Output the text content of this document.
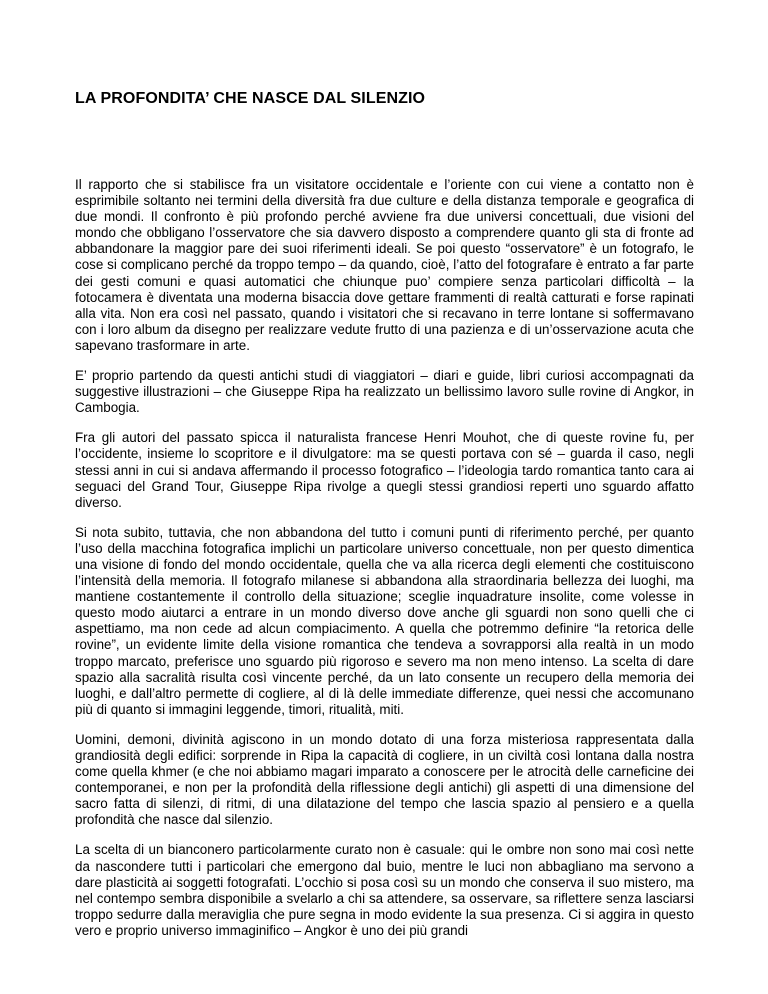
LA PROFONDITA’ CHE NASCE DAL SILENZIO

Il rapporto che si stabilisce fra un visitatore occidentale e l’oriente con cui viene a contatto non è esprimibile soltanto nei termini della diversità fra due culture e della distanza temporale e geografica di due mondi. Il confronto è più profondo perché avviene fra due universi concettuali, due visioni del mondo che obbligano l’osservatore che sia davvero disposto a comprendere quanto gli sta di fronte ad abbandonare la maggior pare dei suoi riferimenti ideali. Se poi questo “osservatore” è un fotografo, le cose si complicano perché da troppo tempo – da quando, cioè, l’atto del fotografare è entrato a far parte dei gesti comuni e quasi automatici che chiunque puo’ compiere senza particolari difficoltà – la fotocamera è diventata una moderna bisaccia dove gettare frammenti di realtà catturati e forse rapinati alla vita. Non era così nel passato, quando i visitatori che si recavano in terre lontane si soffermavano con i loro album da disegno per realizzare vedute frutto di una pazienza e di un’osservazione acuta che sapevano trasformare in arte.

E’ proprio partendo da questi antichi studi di viaggiatori – diari e guide, libri curiosi accompagnati da suggestive illustrazioni – che Giuseppe Ripa ha realizzato un bellissimo lavoro sulle rovine di Angkor, in Cambogia.

Fra gli autori del passato spicca il naturalista francese Henri Mouhot, che di queste rovine fu, per l’occidente, insieme lo scopritore e il divulgatore: ma se questi portava con sé – guarda il caso, negli stessi anni in cui si andava affermando il processo fotografico – l’ideologia tardo romantica tanto cara ai seguaci del Grand Tour, Giuseppe Ripa rivolge a quegli stessi grandiosi reperti uno sguardo affatto diverso.

Si nota subito, tuttavia, che non abbandona del tutto i comuni punti di riferimento perché, per quanto l’uso della macchina fotografica implichi un particolare universo concettuale, non per questo dimentica una visione di fondo del mondo occidentale, quella che va alla ricerca degli elementi che costituiscono l’intensità della memoria. Il fotografo milanese si abbandona alla straordinaria bellezza dei luoghi, ma mantiene costantemente il controllo della situazione; sceglie inquadrature insolite, come volesse in questo modo aiutarci a entrare in un mondo diverso dove anche gli sguardi non sono quelli che ci aspettiamo, ma non cede ad alcun compiacimento. A quella che potremmo definire “la retorica delle rovine”, un evidente limite della visione romantica che tendeva a sovrapporsi alla realtà in un modo troppo marcato, preferisce uno sguardo più rigoroso e severo ma non meno intenso. La scelta di dare spazio alla sacralità risulta così vincente perché, da un lato consente un recupero della memoria dei luoghi, e dall’altro permette di cogliere, al di là delle immediate differenze, quei nessi che accomunano più di quanto si immagini leggende, timori, ritualità, miti.

Uomini, demoni, divinità agiscono in un mondo dotato di una forza misteriosa rappresentata dalla grandiosità degli edifici: sorprende in Ripa la capacità di cogliere, in un civiltà così lontana dalla nostra come quella khmer (e che noi abbiamo magari imparato a conoscere per le atrocità delle carneficine dei contemporanei, e non per la profondità della riflessione degli antichi) gli aspetti di una dimensione del sacro fatta di silenzi, di ritmi, di una dilatazione del tempo che lascia spazio al pensiero e a quella profondità che nasce dal silenzio.

La scelta di un bianconero particolarmente curato non è casuale: qui le ombre non sono mai così nette da nascondere tutti i particolari che emergono dal buio, mentre le luci non abbagliano ma servono a dare plasticità ai soggetti fotografati. L’occhio si posa così su un mondo che conserva il suo mistero, ma nel contempo sembra disponibile a svelarlo a chi sa attendere, sa osservare, sa riflettere senza lasciarsi troppo sedurre dalla meraviglia che pure segna in modo evidente la sua presenza. Ci si aggira in questo vero e proprio universo immaginifico – Angkor è uno dei più grandi
